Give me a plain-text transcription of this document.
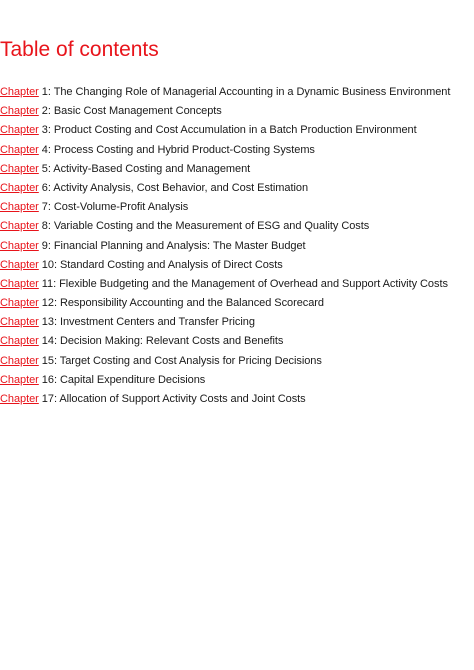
Table of contents
Chapter 1: The Changing Role of Managerial Accounting in a Dynamic Business Environment
Chapter 2: Basic Cost Management Concepts
Chapter 3: Product Costing and Cost Accumulation in a Batch Production Environment
Chapter 4: Process Costing and Hybrid Product-Costing Systems
Chapter 5: Activity-Based Costing and Management
Chapter 6: Activity Analysis, Cost Behavior, and Cost Estimation
Chapter 7: Cost-Volume-Profit Analysis
Chapter 8: Variable Costing and the Measurement of ESG and Quality Costs
Chapter 9: Financial Planning and Analysis: The Master Budget
Chapter 10: Standard Costing and Analysis of Direct Costs
Chapter 11: Flexible Budgeting and the Management of Overhead and Support Activity Costs
Chapter 12: Responsibility Accounting and the Balanced Scorecard
Chapter 13: Investment Centers and Transfer Pricing
Chapter 14: Decision Making: Relevant Costs and Benefits
Chapter 15: Target Costing and Cost Analysis for Pricing Decisions
Chapter 16: Capital Expenditure Decisions
Chapter 17: Allocation of Support Activity Costs and Joint Costs
